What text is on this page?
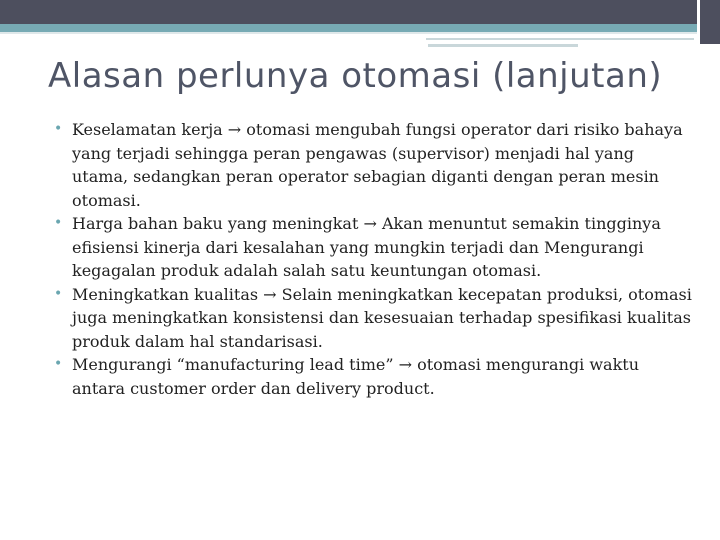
Alasan perlunya otomasi (lanjutan)
• Keselamatan kerja → otomasi mengubah fungsi operator dari risiko bahaya yang terjadi sehingga peran pengawas (supervisor) menjadi hal yang utama, sedangkan peran operator sebagian diganti dengan peran mesin otomasi.
• Harga bahan baku yang meningkat → Akan menuntut semakin tingginya efisiensi kinerja dari kesalahan yang mungkin terjadi dan Mengurangi kegagalan produk adalah salah satu keuntungan otomasi.
• Meningkatkan kualitas → Selain meningkatkan kecepatan produksi, otomasi juga meningkatkan konsistensi dan kesesuaian terhadap spesifikasi kualitas produk dalam hal standarisasi.
• Mengurangi “manufacturing lead time” → otomasi mengurangi waktu antara customer order dan delivery product.
